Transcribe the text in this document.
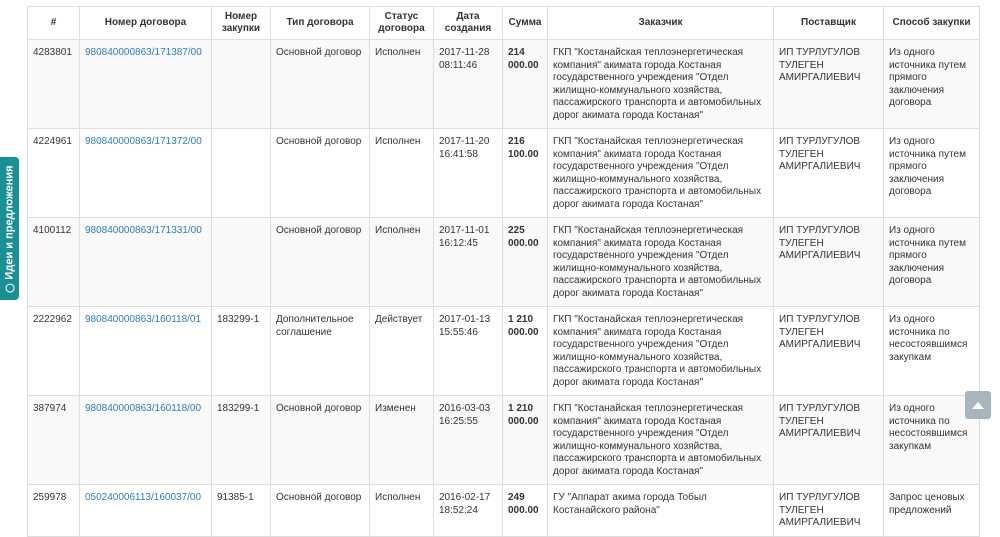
Идеи и предложения
#	Номер договора	Номер закупки	Тип договора	Статус договора	Дата создания	Сумма	Заказчик	Поставщик	Способ закупки
4283801	980840000863/171387/00		Основной договор	Исполнен	2017-11-28 08:11:46	214 000.00	ГКП "Костанайская теплоэнергетическая компания" акимата города Костаная государственного учреждения "Отдел жилищно-коммунального хозяйства, пассажирского транспорта и автомобильных дорог акимата города Костаная"	ИП ТУРЛУГУЛОВ ТУЛЕГЕН АМИРГАЛИЕВИЧ	Из одного источника путем прямого заключения договора
4224961	980840000863/171372/00		Основной договор	Исполнен	2017-11-20 16:41:58	216 100.00	ГКП "Костанайская теплоэнергетическая компания" акимата города Костаная государственного учреждения "Отдел жилищно-коммунального хозяйства, пассажирского транспорта и автомобильных дорог акимата города Костаная"	ИП ТУРЛУГУЛОВ ТУЛЕГЕН АМИРГАЛИЕВИЧ	Из одного источника путем прямого заключения договора
4100112	980840000863/171331/00		Основной договор	Исполнен	2017-11-01 16:12:45	225 000.00	ГКП "Костанайская теплоэнергетическая компания" акимата города Костаная государственного учреждения "Отдел жилищно-коммунального хозяйства, пассажирского транспорта и автомобильных дорог акимата города Костаная"	ИП ТУРЛУГУЛОВ ТУЛЕГЕН АМИРГАЛИЕВИЧ	Из одного источника путем прямого заключения договора
2222962	980840000863/160118/01	183299-1	Дополнительное соглашение	Действует	2017-01-13 15:55:46	1 210 000.00	ГКП "Костанайская теплоэнергетическая компания" акимата города Костаная государственного учреждения "Отдел жилищно-коммунального хозяйства, пассажирского транспорта и автомобильных дорог акимата города Костаная"	ИП ТУРЛУГУЛОВ ТУЛЕГЕН АМИРГАЛИЕВИЧ	Из одного источника по несостоявшимся закупкам
387974	980840000863/160118/00	183299-1	Основной договор	Изменен	2016-03-03 16:25:55	1 210 000.00	ГКП "Костанайская теплоэнергетическая компания" акимата города Костаная государственного учреждения "Отдел жилищно-коммунального хозяйства, пассажирского транспорта и автомобильных дорог акимата города Костаная"	ИП ТУРЛУГУЛОВ ТУЛЕГЕН АМИРГАЛИЕВИЧ	Из одного источника по несостоявшимся закупкам
259978	050240006113/160037/00	91385-1	Основной договор	Исполнен	2016-02-17 18:52:24	249 000.00	ГУ "Аппарат акима города Тобыл Костанайского района"	ИП ТУРЛУГУЛОВ ТУЛЕГЕН АМИРГАЛИЕВИЧ	Запрос ценовых предложений
